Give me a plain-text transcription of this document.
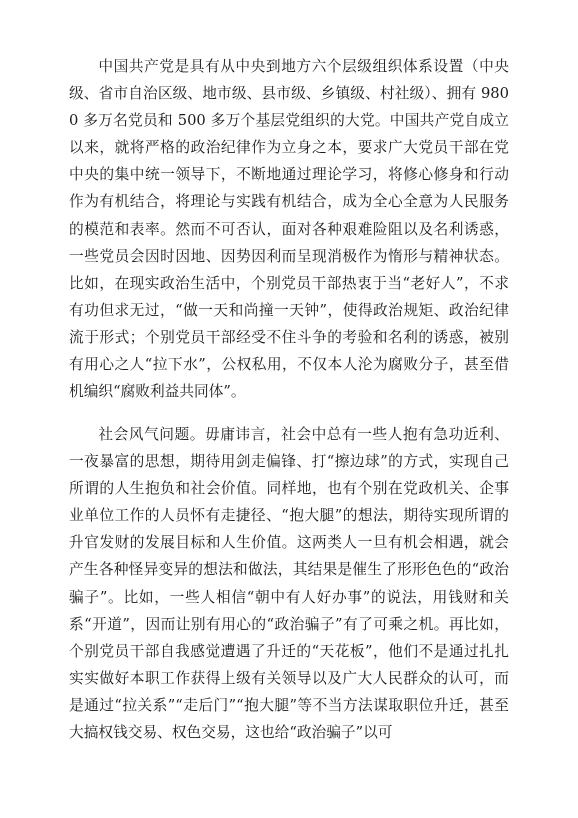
中国共产党是具有从中央到地方六个层级组织体系设置（中央级、省市自治区级、地市级、县市级、乡镇级、村社级）、拥有 9800 多万名党员和 500 多万个基层党组织的大党。中国共产党自成立以来，就将严格的政治纪律作为立身之本，要求广大党员干部在党中央的集中统一领导下，不断地通过理论学习，将修心修身和行动作为有机结合，将理论与实践有机结合，成为全心全意为人民服务的模范和表率。然而不可否认，面对各种艰难险阻以及名利诱惑，一些党员会因时因地、因势因利而呈现消极作为惰形与精神状态。比如，在现实政治生活中，个别党员干部热衷于当“老好人”，不求有功但求无过，“做一天和尚撞一天钟”，使得政治规矩、政治纪律流于形式；个别党员干部经受不住斗争的考验和名利的诱惑，被别有用心之人“拉下水”，公权私用，不仅本人沦为腐败分子，甚至借机编织“腐败利益共同体”。

社会风气问题。毋庸讳言，社会中总有一些人抱有急功近利、一夜暴富的思想，期待用剑走偏锋、打“擦边球”的方式，实现自己所谓的人生抱负和社会价值。同样地，也有个别在党政机关、企事业单位工作的人员怀有走捷径、“抱大腿”的想法，期待实现所谓的升官发财的发展目标和人生价值。这两类人一旦有机会相遇，就会产生各种怪异变异的想法和做法，其结果是催生了形形色色的“政治骗子”。比如，一些人相信“朝中有人好办事”的说法，用钱财和关系“开道”，因而让别有用心的“政治骗子”有了可乘之机。再比如，个别党员干部自我感觉遭遇了升迁的“天花板”，他们不是通过扎扎实实做好本职工作获得上级有关领导以及广大人民群众的认可，而是通过“拉关系”“走后门”“抱大腿”等不当方法谋取职位升迁，甚至大搞权钱交易、权色交易，这也给“政治骗子”以可
